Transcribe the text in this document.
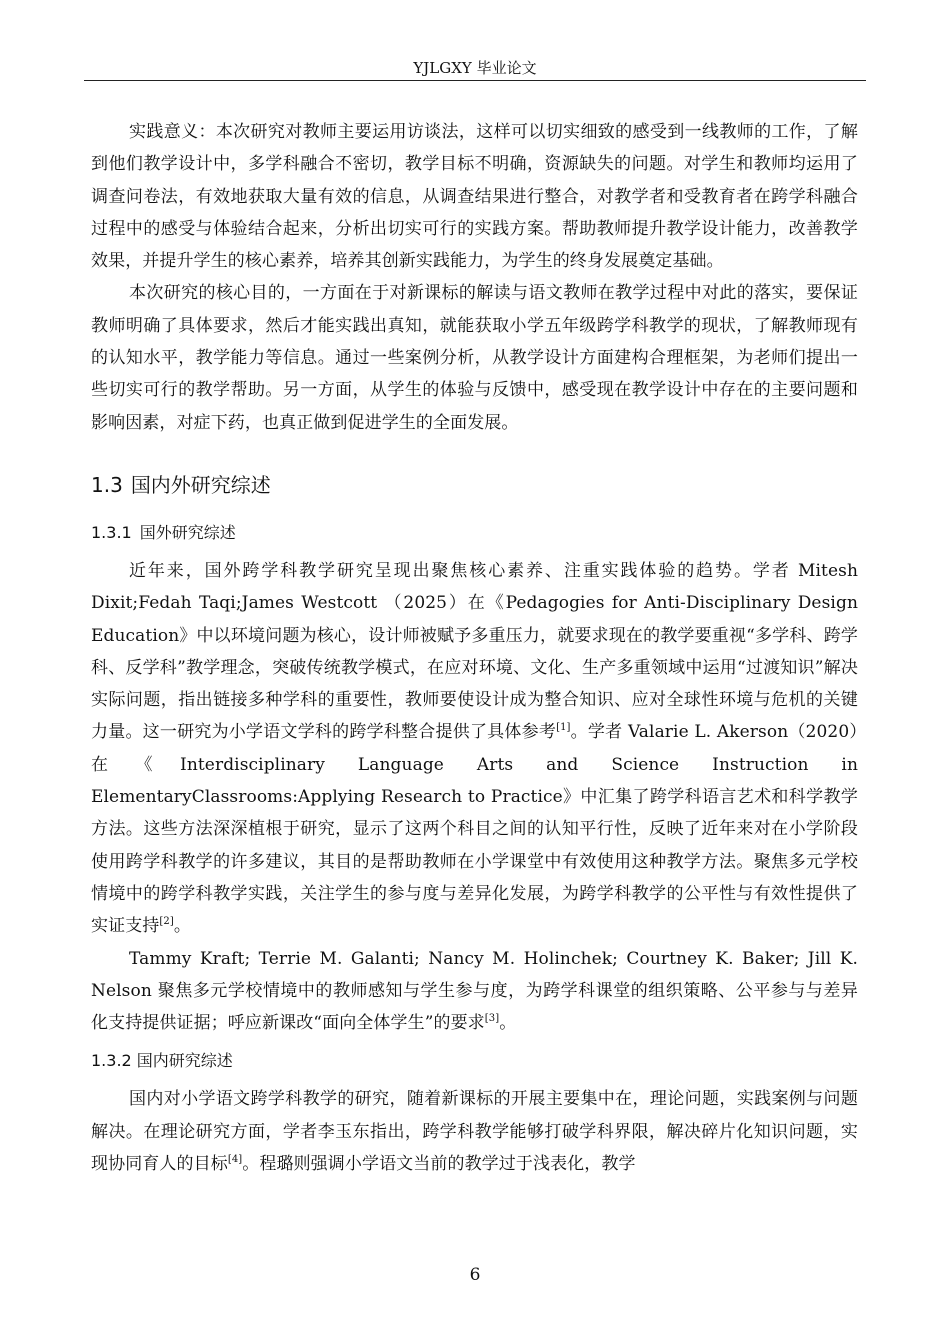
YJLGXY 毕业论文

实践意义：本次研究对教师主要运用访谈法，这样可以切实细致的感受到一线教师的工作，了解到他们教学设计中，多学科融合不密切，教学目标不明确，资源缺失的问题。对学生和教师均运用了调查问卷法，有效地获取大量有效的信息，从调查结果进行整合，对教学者和受教育者在跨学科融合过程中的感受与体验结合起来，分析出切实可行的实践方案。帮助教师提升教学设计能力，改善教学效果，并提升学生的核心素养，培养其创新实践能力，为学生的终身发展奠定基础。

本次研究的核心目的，一方面在于对新课标的解读与语文教师在教学过程中对此的落实，要保证教师明确了具体要求，然后才能实践出真知，就能获取小学五年级跨学科教学的现状，了解教师现有的认知水平，教学能力等信息。通过一些案例分析，从教学设计方面建构合理框架，为老师们提出一些切实可行的教学帮助。另一方面，从学生的体验与反馈中，感受现在教学设计中存在的主要问题和影响因素，对症下药，也真正做到促进学生的全面发展。

1.3 国内外研究综述
1.3.1 国外研究综述

近年来，国外跨学科教学研究呈现出聚焦核心素养、注重实践体验的趋势。学者 Mitesh Dixit;Fedah Taqi;James Westcott （2025）在《Pedagogies for Anti-Disciplinary Design Education》中以环境问题为核心，设计师被赋予多重压力，就要求现在的教学要重视“多学科、跨学科、反学科”教学理念，突破传统教学模式，在应对环境、文化、生产多重领域中运用“过渡知识”解决实际问题，指出链接多种学科的重要性，教师要使设计成为整合知识、应对全球性环境与危机的关键力量。这一研究为小学语文学科的跨学科整合提供了具体参考[1]。学者 Valarie L. Akerson（2020）在《Interdisciplinary Language Arts and Science Instruction in ElementaryClassrooms:Applying Research to Practice》中汇集了跨学科语言艺术和科学教学方法。这些方法深深植根于研究，显示了这两个科目之间的认知平行性，反映了近年来对在小学阶段使用跨学科教学的许多建议，其目的是帮助教师在小学课堂中有效使用这种教学方法。聚焦多元学校情境中的跨学科教学实践，关注学生的参与度与差异化发展，为跨学科教学的公平性与有效性提供了实证支持[2]。

Tammy Kraft; Terrie M. Galanti; Nancy M. Holinchek; Courtney K. Baker; Jill K. Nelson 聚焦多元学校情境中的教师感知与学生参与度，为跨学科课堂的组织策略、公平参与与差异化支持提供证据；呼应新课改“面向全体学生”的要求[3]。

1.3.2 国内研究综述

国内对小学语文跨学科教学的研究，随着新课标的开展主要集中在，理论问题，实践案例与问题解决。在理论研究方面，学者李玉东指出，跨学科教学能够打破学科界限，解决碎片化知识问题，实现协同育人的目标[4]。程璐则强调小学语文当前的教学过于浅表化，教学

6
